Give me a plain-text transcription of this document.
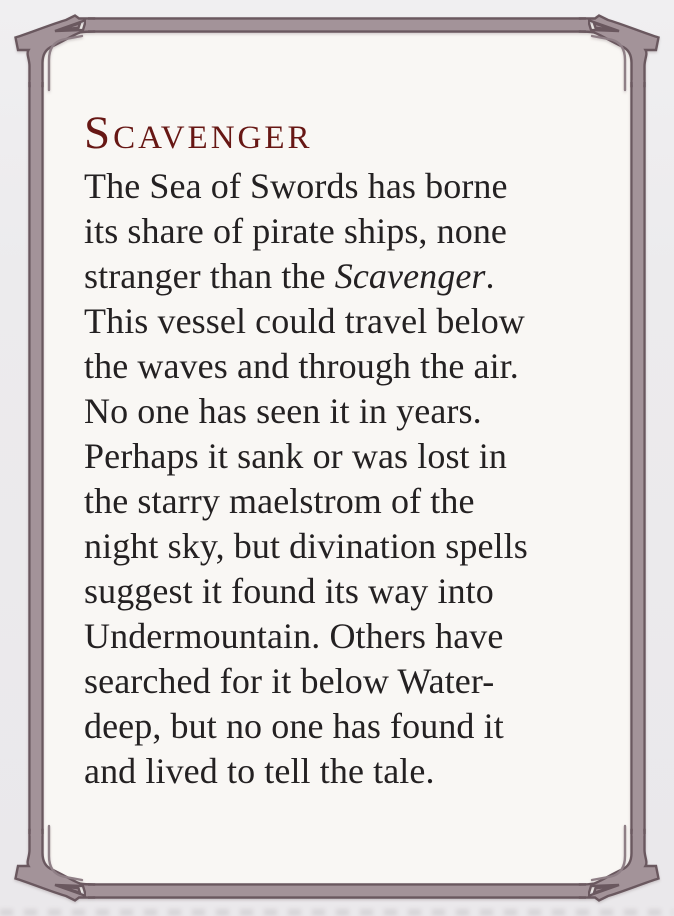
Scavenger
The Sea of Swords has borne
its share of pirate ships, none
stranger than the Scavenger.
This vessel could travel below
the waves and through the air.
No one has seen it in years.
Perhaps it sank or was lost in
the starry maelstrom of the
night sky, but divination spells
suggest it found its way into
Undermountain. Others have
searched for it below Water-
deep, but no one has found it
and lived to tell the tale.
